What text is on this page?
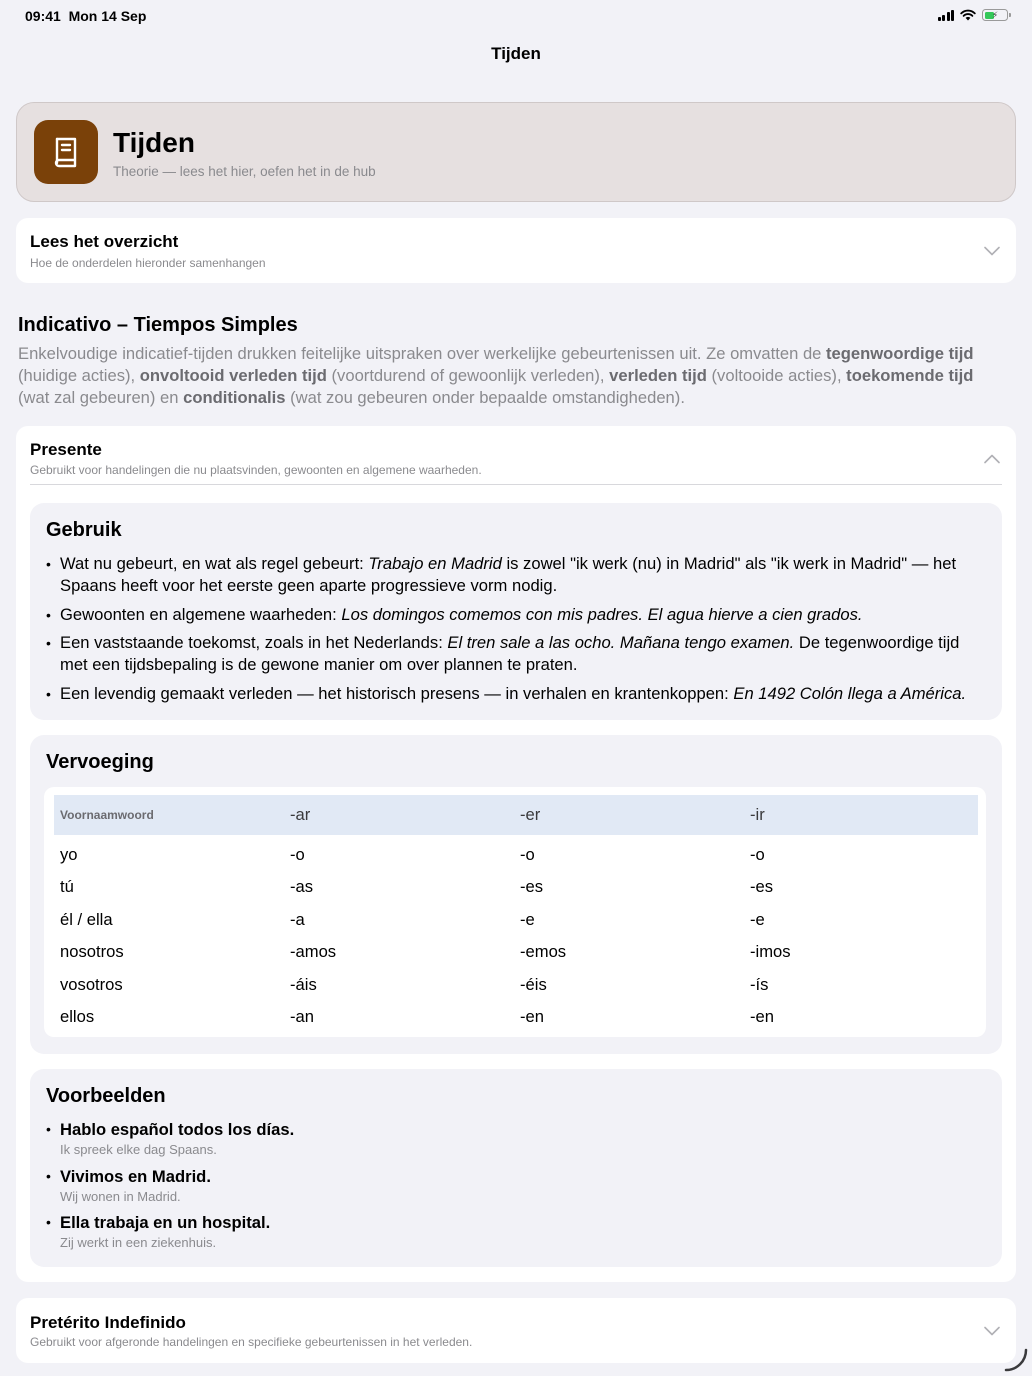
09:41 Mon 14 Sep	⚡
Tijden
Tijden
Theorie — lees het hier, oefen het in de hub
Lees het overzicht
Hoe de onderdelen hieronder samenhangen
Indicativo – Tiempos Simples
Enkelvoudige indicatief-tijden drukken feitelijke uitspraken over werkelijke gebeurtenissen uit. Ze omvatten de tegenwoordige tijd (huidige acties), onvoltooid verleden tijd (voortdurend of gewoonlijk verleden), verleden tijd (voltooide acties), toekomende tijd (wat zal gebeuren) en conditionalis (wat zou gebeuren onder bepaalde omstandigheden).
Presente
Gebruikt voor handelingen die nu plaatsvinden, gewoonten en algemene waarheden.
Gebruik
• Wat nu gebeurt, en wat als regel gebeurt: Trabajo en Madrid is zowel "ik werk (nu) in Madrid" als "ik werk in Madrid" — het Spaans heeft voor het eerste geen aparte progressieve vorm nodig.
• Gewoonten en algemene waarheden: Los domingos comemos con mis padres. El agua hierve a cien grados.
• Een vaststaande toekomst, zoals in het Nederlands: El tren sale a las ocho. Mañana tengo examen. De tegenwoordige tijd met een tijdsbepaling is de gewone manier om over plannen te praten.
• Een levendig gemaakt verleden — het historisch presens — in verhalen en krantenkoppen: En 1492 Colón llega a América.
Vervoeging
Voornaamwoord	-ar	-er	-ir
yo	-o	-o	-o
tú	-as	-es	-es
él / ella	-a	-e	-e
nosotros	-amos	-emos	-imos
vosotros	-áis	-éis	-ís
ellos	-an	-en	-en
Voorbeelden
• Hablo español todos los días.
Ik spreek elke dag Spaans.
• Vivimos en Madrid.
Wij wonen in Madrid.
• Ella trabaja en un hospital.
Zij werkt in een ziekenhuis.
Pretérito Indefinido
Gebruikt voor afgeronde handelingen en specifieke gebeurtenissen in het verleden.
